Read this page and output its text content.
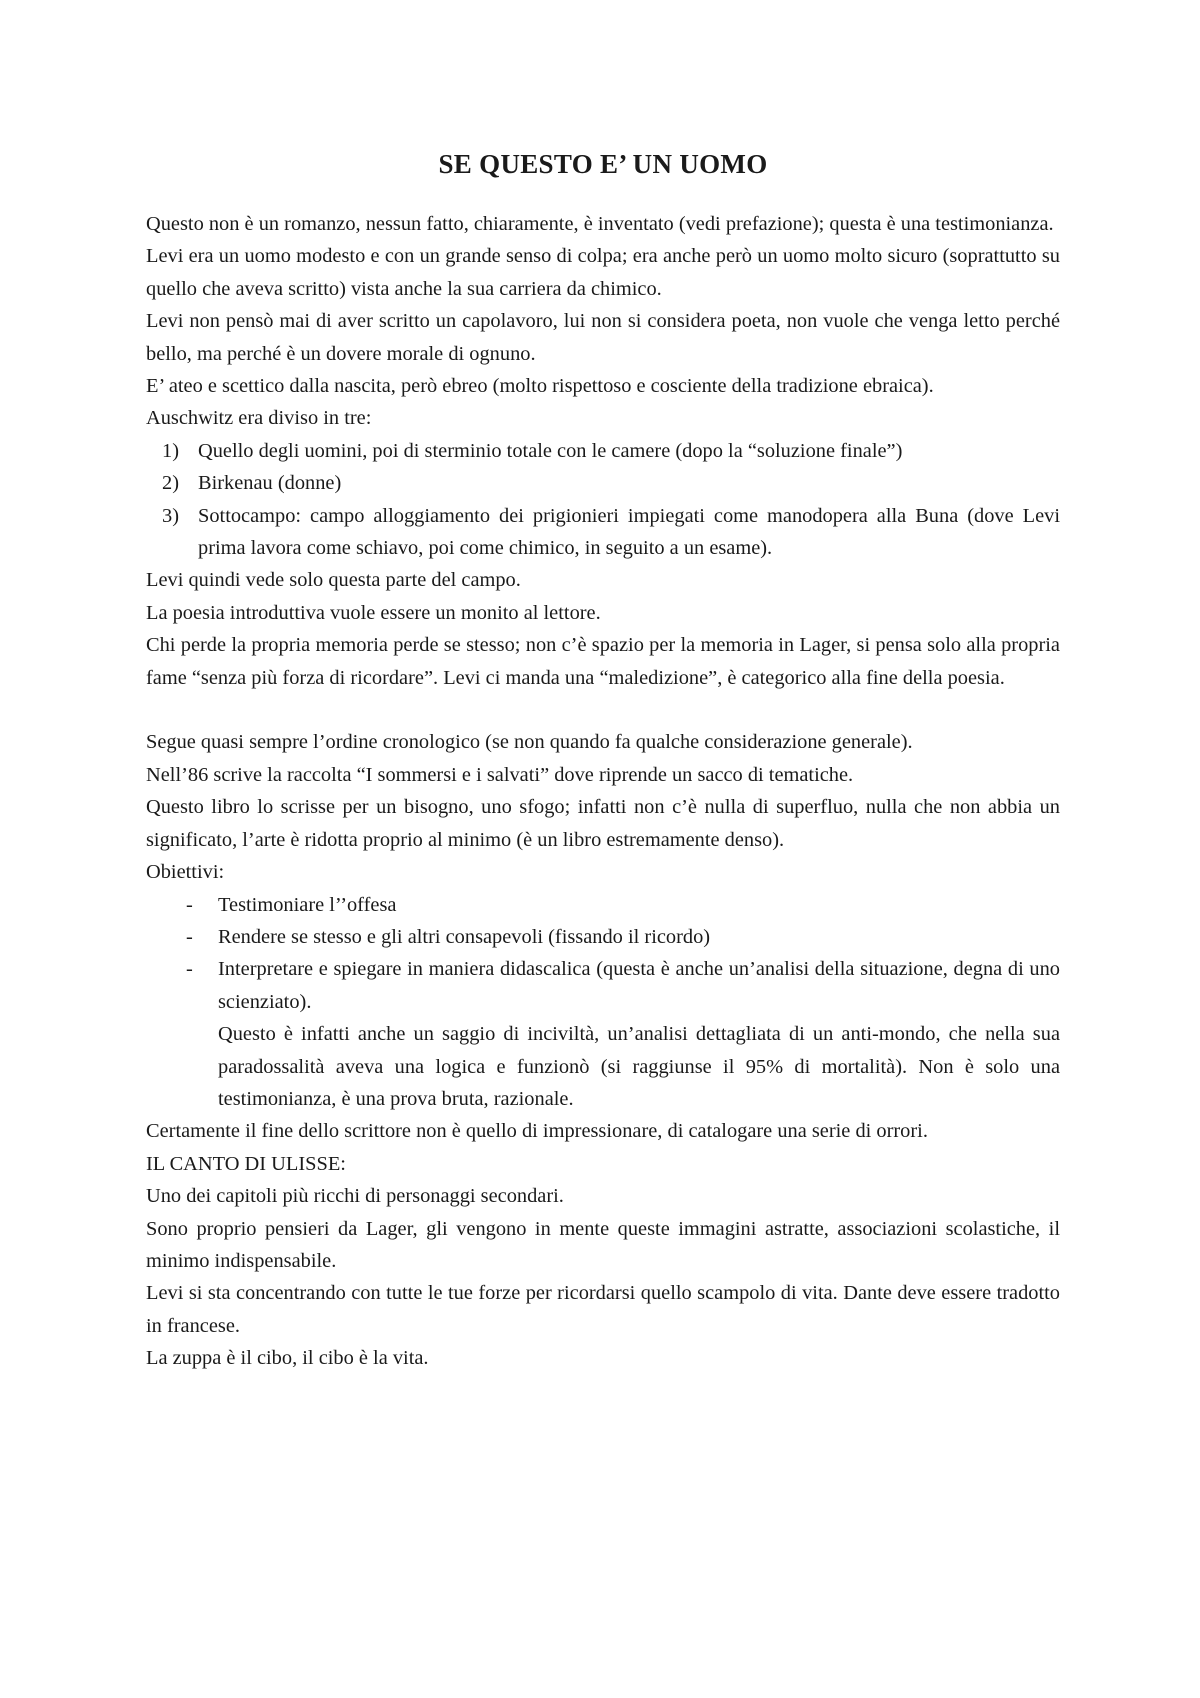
SE QUESTO E’ UN UOMO

Questo non è un romanzo, nessun fatto, chiaramente, è inventato (vedi prefazione); questa è una testimonianza.

Levi era un uomo modesto e con un grande senso di colpa; era anche però un uomo molto sicuro (soprattutto su quello che aveva scritto) vista anche la sua carriera da chimico.

Levi non pensò mai di aver scritto un capolavoro, lui non si considera poeta, non vuole che venga letto perché bello, ma perché è un dovere morale di ognuno.

E’ ateo e scettico dalla nascita, però ebreo (molto rispettoso e cosciente della tradizione ebraica).

Auschwitz era diviso in tre:

1) Quello degli uomini, poi di sterminio totale con le camere (dopo la “soluzione finale”)
2) Birkenau (donne)
3) Sottocampo: campo alloggiamento dei prigionieri impiegati come manodopera alla Buna (dove Levi prima lavora come schiavo, poi come chimico, in seguito a un esame).

Levi quindi vede solo questa parte del campo.

La poesia introduttiva vuole essere un monito al lettore.

Chi perde la propria memoria perde se stesso; non c’è spazio per la memoria in Lager, si pensa solo alla propria fame “senza più forza di ricordare”. Levi ci manda una “maledizione”, è categorico alla fine della poesia.

Segue quasi sempre l’ordine cronologico (se non quando fa qualche considerazione generale).

Nell’86 scrive la raccolta “I sommersi e i salvati” dove riprende un sacco di tematiche.

Questo libro lo scrisse per un bisogno, uno sfogo; infatti non c’è nulla di superfluo, nulla che non abbia un significato, l’arte è ridotta proprio al minimo (è un libro estremamente denso).

Obiettivi:

- Testimoniare l’’offesa
- Rendere se stesso e gli altri consapevoli (fissando il ricordo)
- Interpretare e spiegare in maniera didascalica (questa è anche un’analisi della situazione, degna di uno scienziato).

Questo è infatti anche un saggio di inciviltà, un’analisi dettagliata di un anti-mondo, che nella sua paradossalità aveva una logica e funzionò (si raggiunse il 95% di mortalità). Non è solo una testimonianza, è una prova bruta, razionale.

Certamente il fine dello scrittore non è quello di impressionare, di catalogare una serie di orrori.

IL CANTO DI ULISSE:

Uno dei capitoli più ricchi di personaggi secondari.

Sono proprio pensieri da Lager, gli vengono in mente queste immagini astratte, associazioni scolastiche, il minimo indispensabile.

Levi si sta concentrando con tutte le tue forze per ricordarsi quello scampolo di vita. Dante deve essere tradotto in francese.

La zuppa è il cibo, il cibo è la vita.
